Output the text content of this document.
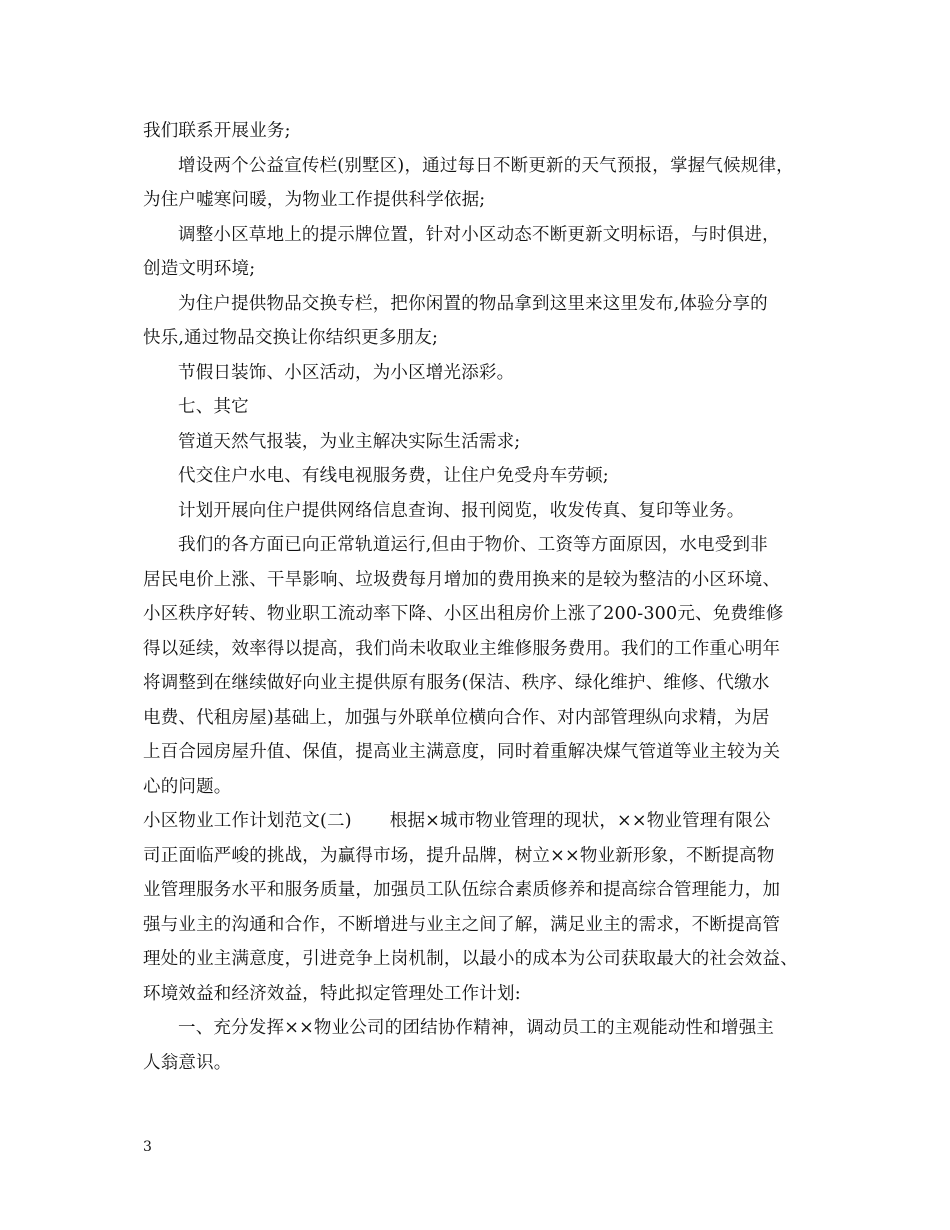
我们联系开展业务;
增设两个公益宣传栏(别墅区)，通过每日不断更新的天气预报，掌握气候规律，
为住户嘘寒问暖，为物业工作提供科学依据;
调整小区草地上的提示牌位置，针对小区动态不断更新文明标语，与时俱进，
创造文明环境;
为住户提供物品交换专栏，把你闲置的物品拿到这里来这里发布,体验分享的
快乐,通过物品交换让你结织更多朋友;
节假日装饰、小区活动，为小区增光添彩。
七、其它
管道天然气报装，为业主解决实际生活需求;
代交住户水电、有线电视服务费，让住户免受舟车劳顿;
计划开展向住户提供网络信息查询、报刊阅览，收发传真、复印等业务。
我们的各方面已向正常轨道运行,但由于物价、工资等方面原因，水电受到非
居民电价上涨、干旱影响、垃圾费每月增加的费用换来的是较为整洁的小区环境、
小区秩序好转、物业职工流动率下降、小区出租房价上涨了200-300元、免费维修
得以延续，效率得以提高，我们尚未收取业主维修服务费用。我们的工作重心明年
将调整到在继续做好向业主提供原有服务(保洁、秩序、绿化维护、维修、代缴水
电费、代租房屋)基础上，加强与外联单位横向合作、对内部管理纵向求精，为居
上百合园房屋升值、保值，提高业主满意度，同时着重解决煤气管道等业主较为关
心的问题。
小区物业工作计划范文(二) 根据×城市物业管理的现状，××物业管理有限公
司正面临严峻的挑战，为赢得市场，提升品牌，树立××物业新形象，不断提高物
业管理服务水平和服务质量，加强员工队伍综合素质修养和提高综合管理能力，加
强与业主的沟通和合作，不断增进与业主之间了解，满足业主的需求，不断提高管
理处的业主满意度，引进竞争上岗机制，以最小的成本为公司获取最大的社会效益、
环境效益和经济效益，特此拟定管理处工作计划:
一、充分发挥××物业公司的团结协作精神，调动员工的主观能动性和增强主
人翁意识。
3
